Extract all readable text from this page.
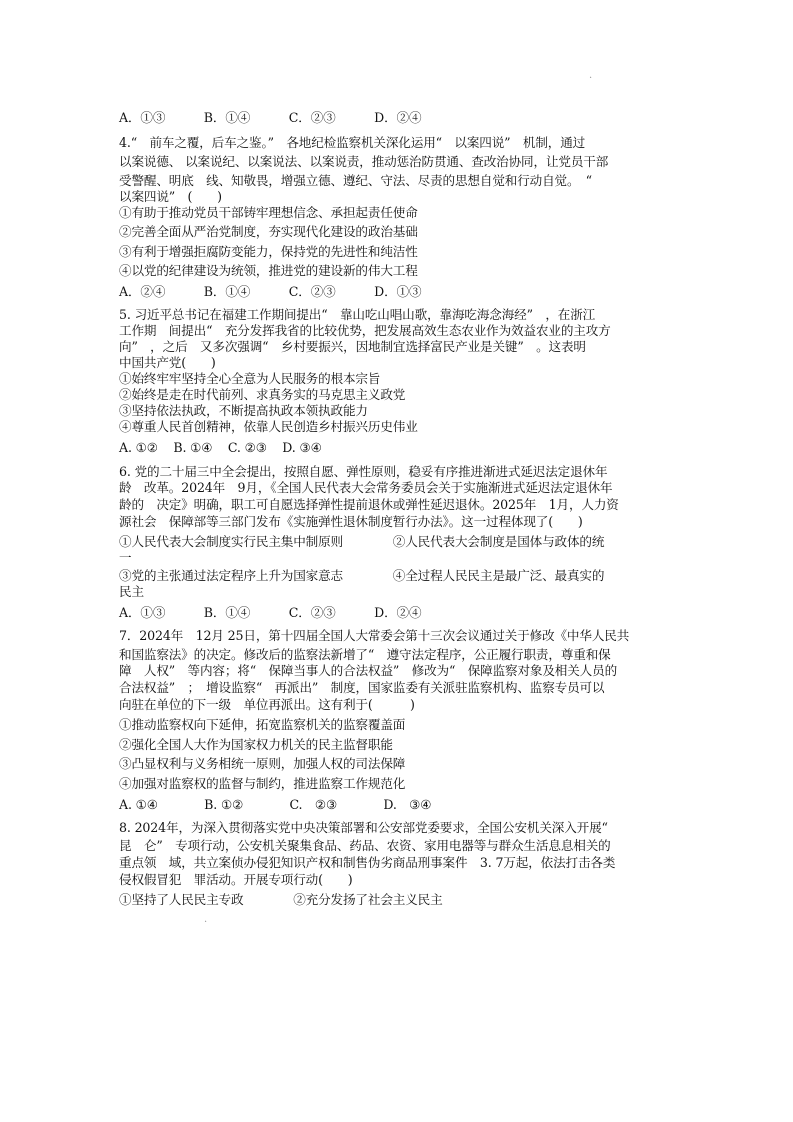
.
A．①③          B．①④          C．②③          D．②④
4.“　前车之覆，后车之鉴。”　各地纪检监察机关深化运用“　以案四说”　机制，通过
以案说德、 以案说纪、以案说法、以案说责，推动惩治防贯通、查改治协同，让党员干部
受警醒、明底　线、知敬畏，增强立德、遵纪、守法、尽责的思想自觉和行动自觉。　“
以案四说”　(　　)
①有助于推动党员干部铸牢理想信念、承担起责任使命
②完善全面从严治党制度，夯实现代化建设的政治基础
③有利于增强拒腐防变能力，保持党的先进性和纯洁性
④以党的纪律建设为统领，推进党的建设新的伟大工程
A．②④          B．①④          C．②③          D．①③
5. 习近平总书记在福建工作期间提出“　靠山吃山唱山歌，靠海吃海念海经”　，在浙江
工作期　间提出“　充分发挥我省的比较优势，把发展高效生态农业作为效益农业的主攻方
向”　，之后　又多次强调“　乡村要振兴，因地制宜选择富民产业是关键”　。这表明
中国共产党(　　)
①始终牢牢坚持全心全意为人民服务的根本宗旨
②始终是走在时代前列、求真务实的马克思主义政党
③坚持依法执政，不断提高执政本领执政能力
④尊重人民首创精神，依靠人民创造乡村振兴历史伟业
A. ①②    B. ①④    C. ②③    D. ③④
6. 党的二十届三中全会提出，按照自愿、弹性原则，稳妥有序推进渐进式延迟法定退休年
龄　改革。2024年　9月，《全国人民代表大会常务委员会关于实施渐进式延迟法定退休年
龄的　决定》明确，职工可自愿选择弹性提前退休或弹性延迟退休。2025年　1月，人力资
源社会　保障部等三部门发布《实施弹性退休制度暂行办法》。这一过程体现了(　　)
①人民代表大会制度实行民主集中制原则　　　　②人民代表大会制度是国体与政体的统
一
③党的主张通过法定程序上升为国家意志　　　　④全过程人民民主是最广泛、最真实的
民主
A．①③          B．①④          C．②③          D．②④
7．2024年　12月 25日，第十四届全国人大常委会第十三次会议通过关于修改《中华人民共
和国监察法》的决定。修改后的监察法新增了“　遵守法定程序，公正履行职责，尊重和保
障　人权”　等内容；将“　保障当事人的合法权益”　修改为“　保障监察对象及相关人员的
合法权益”　；　增设监察“　再派出”　制度，国家监委有关派驻监察机构、监察专员可以
向驻在单位的下一级　单位再派出。这有利于(　　　)
①推动监察权向下延伸，拓宽监察机关的监察覆盖面
②强化全国人大作为国家权力机关的民主监督职能
③凸显权利与义务相统一原则，加强人权的司法保障
④加强对监察权的监督与制约，推进监察工作规范化
A. ①④            B. ①②            C.　②③            D.　③④
8. 2024年，为深入贯彻落实党中央决策部署和公安部党委要求，全国公安机关深入开展“
昆　仑”　专项行动，公安机关聚集食品、药品、农资、家用电器等与群众生活息息相关的
重点领　域，共立案侦办侵犯知识产权和制售伪劣商品刑事案件　3. 7万起，依法打击各类
侵权假冒犯　罪活动。开展专项行动(　　)
①坚持了人民民主专政　　　　②充分发扬了社会主义民主
.
